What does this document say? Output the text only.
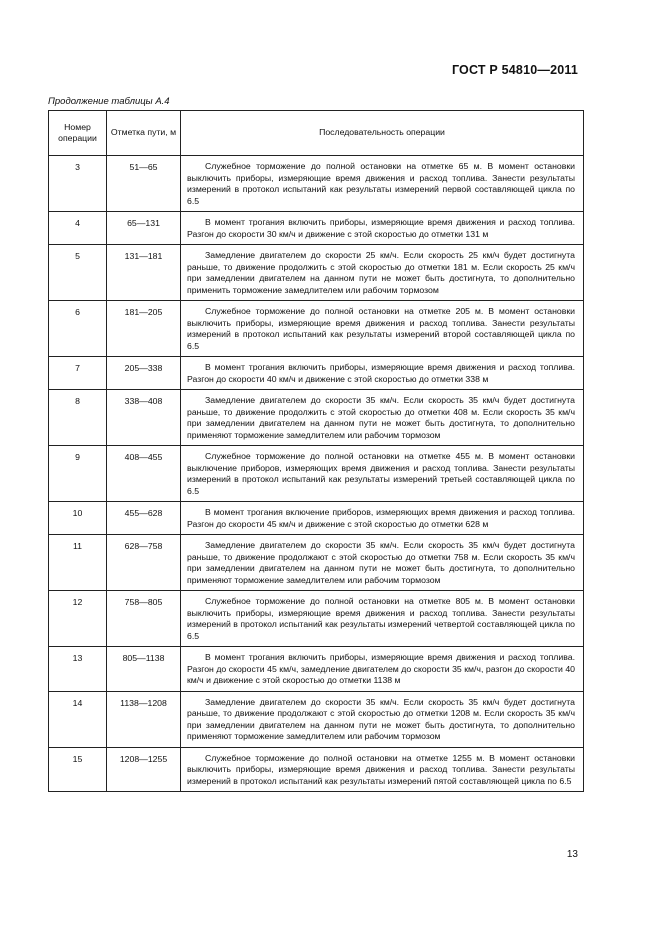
ГОСТ Р 54810—2011
Продолжение таблицы А.4
Номер операции	Отметка пути, м	Последовательность операции
3	51—65	Служебное торможение до полной остановки на отметке 65 м. В момент остановки выключить приборы, измеряющие время движения и расход топлива. Занести результаты измерений в протокол испытаний как результаты измерений первой составляющей цикла по 6.5

4	65—131	В момент трогания включить приборы, измеряющие время движения и расход топлива. Разгон до скорости 30 км/ч и движение с этой скоростью до отметки 131 м

5	131—181	Замедление двигателем до скорости 25 км/ч. Если скорость 25 км/ч будет достигнута раньше, то движение продолжить с этой скоростью до отметки 181 м. Если скорость 25 км/ч при замедлении двигателем на данном пути не может быть достигнута, то дополнительно применить торможение замедлителем или рабочим тормозом

6	181—205	Служебное торможение до полной остановки на отметке 205 м. В момент остановки выключить приборы, измеряющие время движения и расход топлива. Занести результаты измерений в протокол испытаний как результаты измерений второй составляющей цикла по 6.5

7	205—338	В момент трогания включить приборы, измеряющие время движения и расход топлива. Разгон до скорости 40 км/ч и движение с этой скоростью до отметки 338 м

8	338—408	Замедление двигателем до скорости 35 км/ч. Если скорость 35 км/ч будет достигнута раньше, то движение продолжить с этой скоростью до отметки 408 м. Если скорость 35 км/ч при замедлении двигателем на данном пути не может быть достигнута, то дополнительно применяют торможение замедлителем или рабочим тормозом

9	408—455	Служебное торможение до полной остановки на отметке 455 м. В момент остановки выключение приборов, измеряющих время движения и расход топлива. Занести результаты измерений в протокол испытаний как результаты измерений третьей составляющей цикла по 6.5

10	455—628	В момент трогания включение приборов, измеряющих время движения и расход топлива. Разгон до скорости 45 км/ч и движение с этой скоростью до отметки 628 м

11	628—758	Замедление двигателем до скорости 35 км/ч. Если скорость 35 км/ч будет достигнута раньше, то движение продолжают с этой скоростью до отметки 758 м. Если скорость 35 км/ч при замедлении двигателем на данном пути не может быть достигнута, то дополнительно применяют торможение замедлителем или рабочим тормозом

12	758—805	Служебное торможение до полной остановки на отметке 805 м. В момент остановки выключить приборы, измеряющие время движения и расход топлива. Занести результаты измерений в протокол испытаний как результаты измерений четвертой составляющей цикла по 6.5

13	805—1138	В момент трогания включить приборы, измеряющие время движения и расход топлива. Разгон до скорости 45 км/ч, замедление двигателем до скорости 35 км/ч, разгон до скорости 40 км/ч и движение с этой скоростью до отметки 1138 м

14	1138—1208	Замедление двигателем до скорости 35 км/ч. Если скорость 35 км/ч будет достигнута раньше, то движение продолжают с этой скоростью до отметки 1208 м. Если скорость 35 км/ч при замедлении двигателем на данном пути не может быть достигнута, то дополнительно применяют торможение замедлителем или рабочим тормозом

15	1208—1255	Служебное торможение до полной остановки на отметке 1255 м. В момент остановки выключить приборы, измеряющие время движения и расход топлива. Занести результаты измерений в протокол испытаний как результаты измерений пятой составляющей цикла по 6.5
13
